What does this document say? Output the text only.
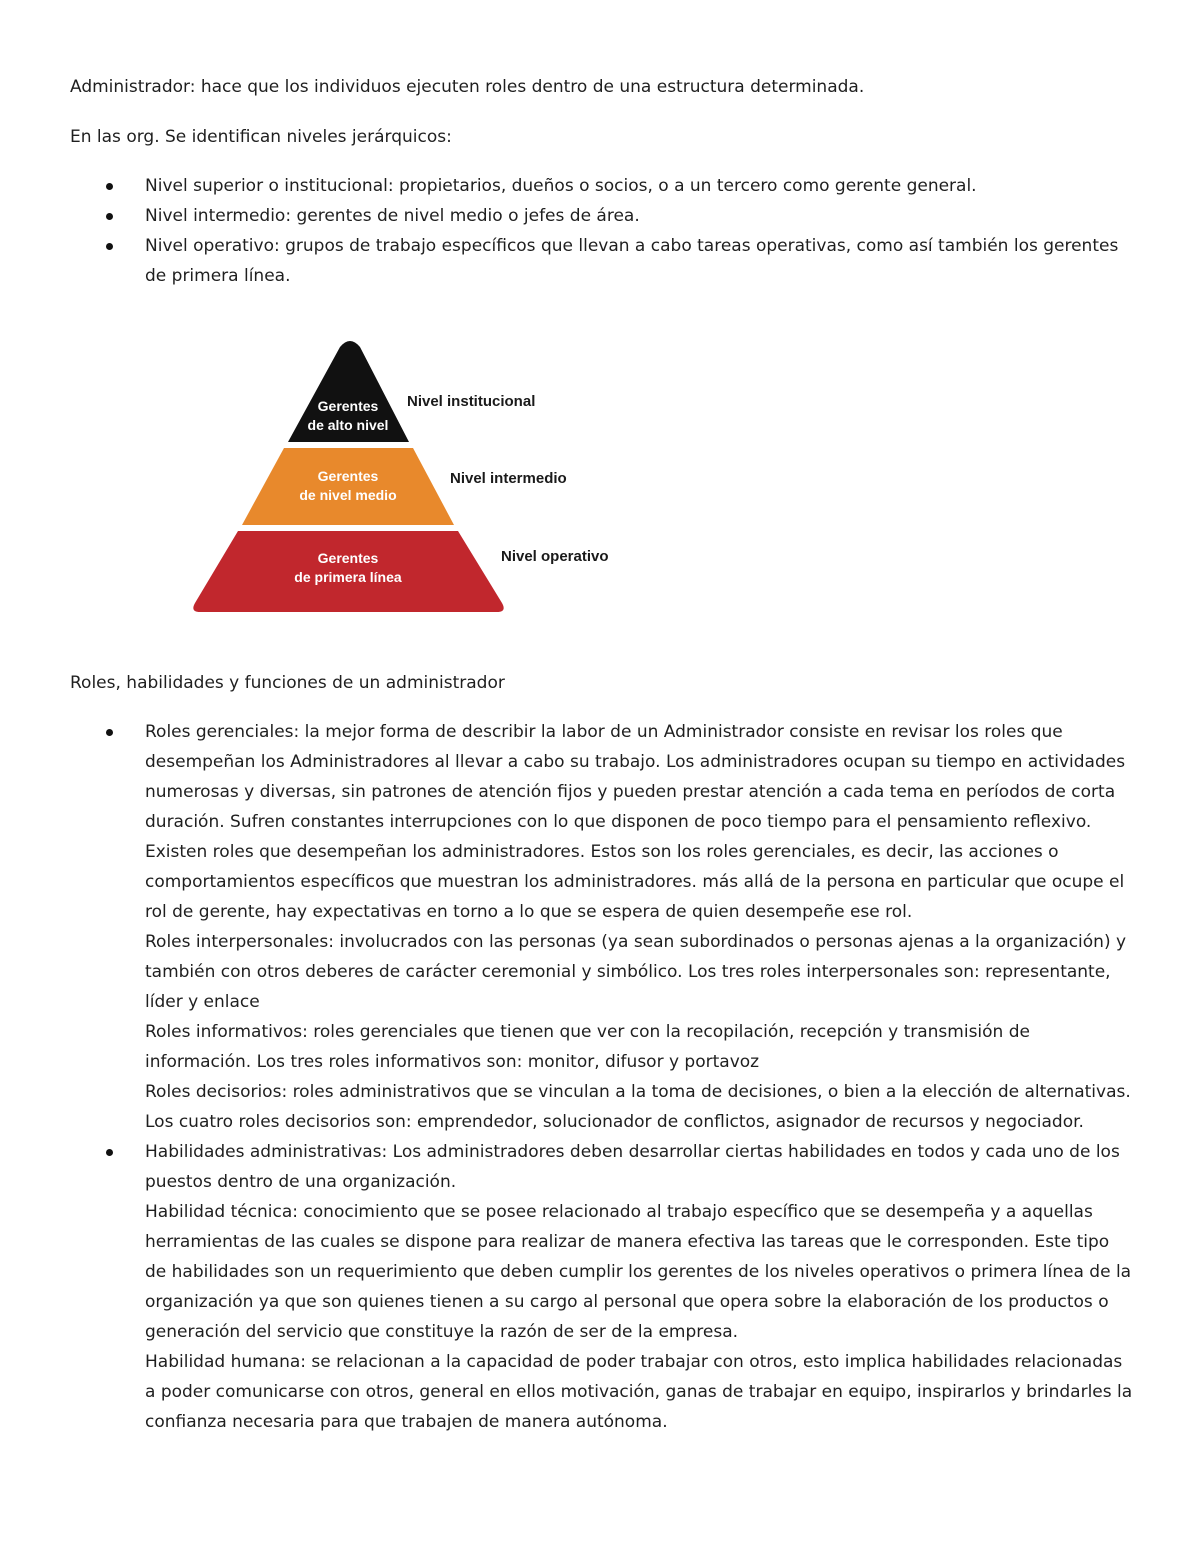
Administrador: hace que los individuos ejecuten roles dentro de una estructura determinada.
En las org. Se identifican niveles jerárquicos:
Nivel superior o institucional: propietarios, dueños o socios, o a un tercero como gerente general.
Nivel intermedio: gerentes de nivel medio o jefes de área.
Nivel operativo: grupos de trabajo específicos que llevan a cabo tareas operativas, como así también los gerentes de primera línea.
Gerentes
de alto nivel
Gerentes
de nivel medio
Gerentes
de primera línea
Nivel institucional
Nivel intermedio
Nivel operativo
Roles, habilidades y funciones de un administrador
Roles gerenciales: la mejor forma de describir la labor de un Administrador consiste en revisar los roles que desempeñan los Administradores al llevar a cabo su trabajo. Los administradores ocupan su tiempo en actividades numerosas y diversas, sin patrones de atención fijos y pueden prestar atención a cada tema en períodos de corta duración. Sufren constantes interrupciones con lo que disponen de poco tiempo para el pensamiento reflexivo. Existen roles que desempeñan los administradores. Estos son los roles gerenciales, es decir, las acciones o comportamientos específicos que muestran los administradores. más allá de la persona en particular que ocupe el rol de gerente, hay expectativas en torno a lo que se espera de quien desempeñe ese rol.
Roles interpersonales: involucrados con las personas (ya sean subordinados o personas ajenas a la organización) y también con otros deberes de carácter ceremonial y simbólico. Los tres roles interpersonales son: representante, líder y enlace
Roles informativos: roles gerenciales que tienen que ver con la recopilación, recepción y transmisión de información. Los tres roles informativos son: monitor, difusor y portavoz
Roles decisorios: roles administrativos que se vinculan a la toma de decisiones, o bien a la elección de alternativas. Los cuatro roles decisorios son: emprendedor, solucionador de conflictos, asignador de recursos y negociador.
Habilidades administrativas: Los administradores deben desarrollar ciertas habilidades en todos y cada uno de los puestos dentro de una organización.
Habilidad técnica: conocimiento que se posee relacionado al trabajo específico que se desempeña y a aquellas herramientas de las cuales se dispone para realizar de manera efectiva las tareas que le corresponden. Este tipo de habilidades son un requerimiento que deben cumplir los gerentes de los niveles operativos o primera línea de la organización ya que son quienes tienen a su cargo al personal que opera sobre la elaboración de los productos o generación del servicio que constituye la razón de ser de la empresa.
Habilidad humana: se relacionan a la capacidad de poder trabajar con otros, esto implica habilidades relacionadas a poder comunicarse con otros, general en ellos motivación, ganas de trabajar en equipo, inspirarlos y brindarles la confianza necesaria para que trabajen de manera autónoma.
